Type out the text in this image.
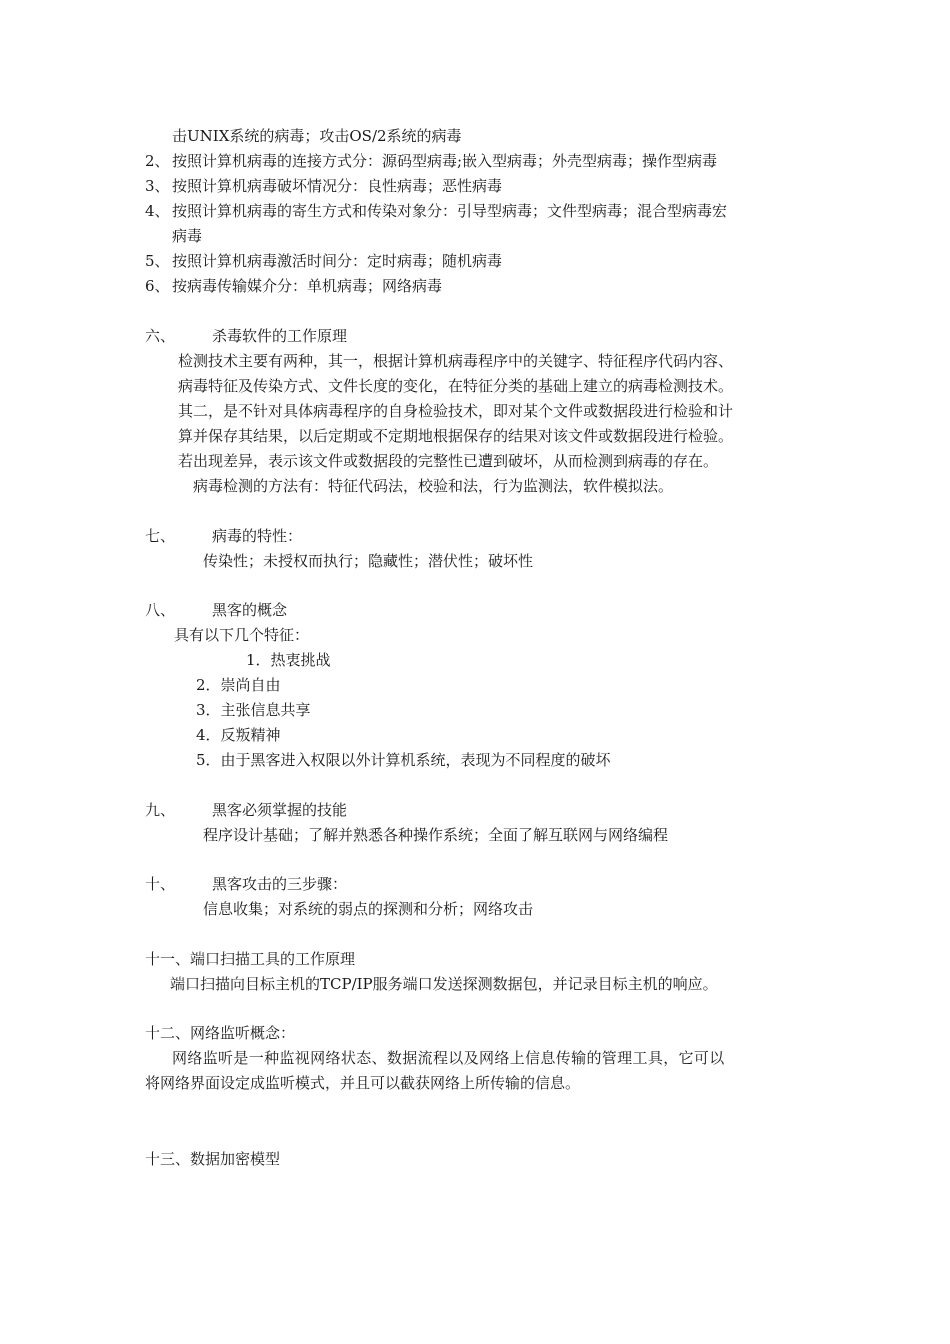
击UNIX系统的病毒；攻击OS/2系统的病毒
2、 按照计算机病毒的连接方式分：源码型病毒;嵌入型病毒；外壳型病毒；操作型病毒
3、 按照计算机病毒破坏情况分：良性病毒；恶性病毒
4、 按照计算机病毒的寄生方式和传染对象分：引导型病毒；文件型病毒；混合型病毒宏
病毒
5、 按照计算机病毒激活时间分：定时病毒；随机病毒
6、 按病毒传输媒介分：单机病毒；网络病毒
六、 杀毒软件的工作原理
检测技术主要有两种，其一，根据计算机病毒程序中的关键字、特征程序代码内容、
病毒特征及传染方式、文件长度的变化，在特征分类的基础上建立的病毒检测技术。
其二，是不针对具体病毒程序的自身检验技术，即对某个文件或数据段进行检验和计
算并保存其结果，以后定期或不定期地根据保存的结果对该文件或数据段进行检验。
若出现差异，表示该文件或数据段的完整性已遭到破坏，从而检测到病毒的存在。
病毒检测的方法有：特征代码法，校验和法，行为监测法，软件模拟法。
七、 病毒的特性：
传染性；未授权而执行；隐藏性；潜伏性；破坏性
八、 黑客的概念
具有以下几个特征：
1．热衷挑战
2．崇尚自由
3．主张信息共享
4．反叛精神
5．由于黑客进入权限以外计算机系统，表现为不同程度的破坏
九、 黑客必须掌握的技能
程序设计基础；了解并熟悉各种操作系统；全面了解互联网与网络编程
十、 黑客攻击的三步骤：
信息收集；对系统的弱点的探测和分析；网络攻击
十一、端口扫描工具的工作原理
端口扫描向目标主机的TCP/IP服务端口发送探测数据包，并记录目标主机的响应。
十二、网络监听概念：
网络监听是一种监视网络状态、数据流程以及网络上信息传输的管理工具，它可以
将网络界面设定成监听模式，并且可以截获网络上所传输的信息。
十三、数据加密模型
